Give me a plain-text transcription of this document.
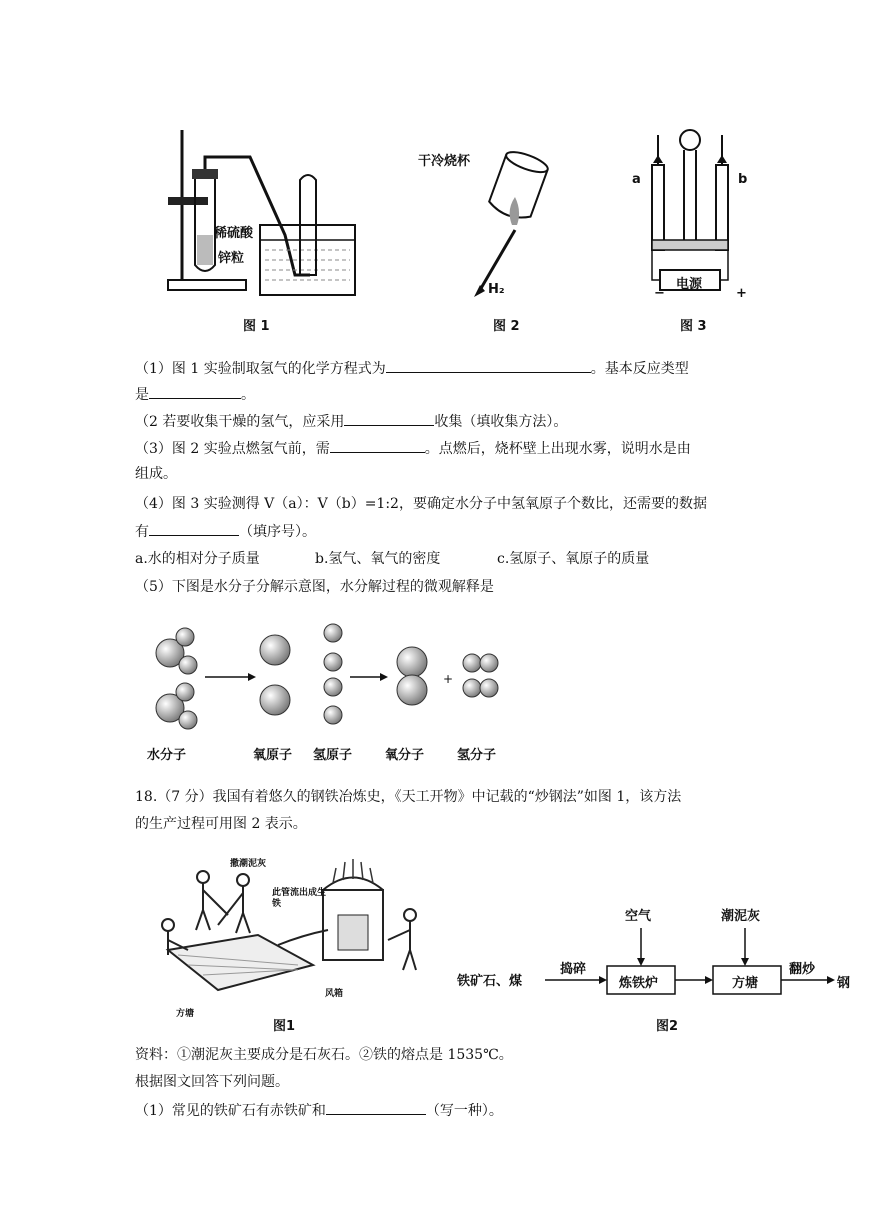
稀硫酸
锌粒
图 1
干冷烧杯
H₂
图 2
a	b
电源
−	+
图 3
（1）图 1 实验制取氢气的化学方程式为	。基本反应类型
是	。
（2 若要收集干燥的氢气，应采用	收集（填收集方法）。
（3）图 2 实验点燃氢气前，需	。点燃后，烧杯壁上出现水雾，说明水是由
组成。
（4）图 3 实验测得 V（a）：V（b）=1:2，要确定水分子中氢氧原子个数比，还需要的数据
有	（填序号）。
a.水的相对分子质量	b.氢气、氧气的密度	c.氢原子、氧原子的质量
（5）下图是水分子分解示意图，水分解过程的微观解释是
+
水分子	氧原子 氢原子	氧分子	氢分子
18.（7 分）我国有着悠久的钢铁冶炼史，《天工开物》中记载的“炒钢法”如图 1，该方法
的生产过程可用图 2 表示。
撒潮泥灰
此管流出成生铁
方塘
风箱
图1
铁矿石、煤
捣碎
炼铁炉
空气	潮泥灰
方塘
翻炒
钢
图2
资料：①潮泥灰主要成分是石灰石。②铁的熔点是 1535℃。
根据图文回答下列问题。
（1）常见的铁矿石有赤铁矿和	（写一种）。
